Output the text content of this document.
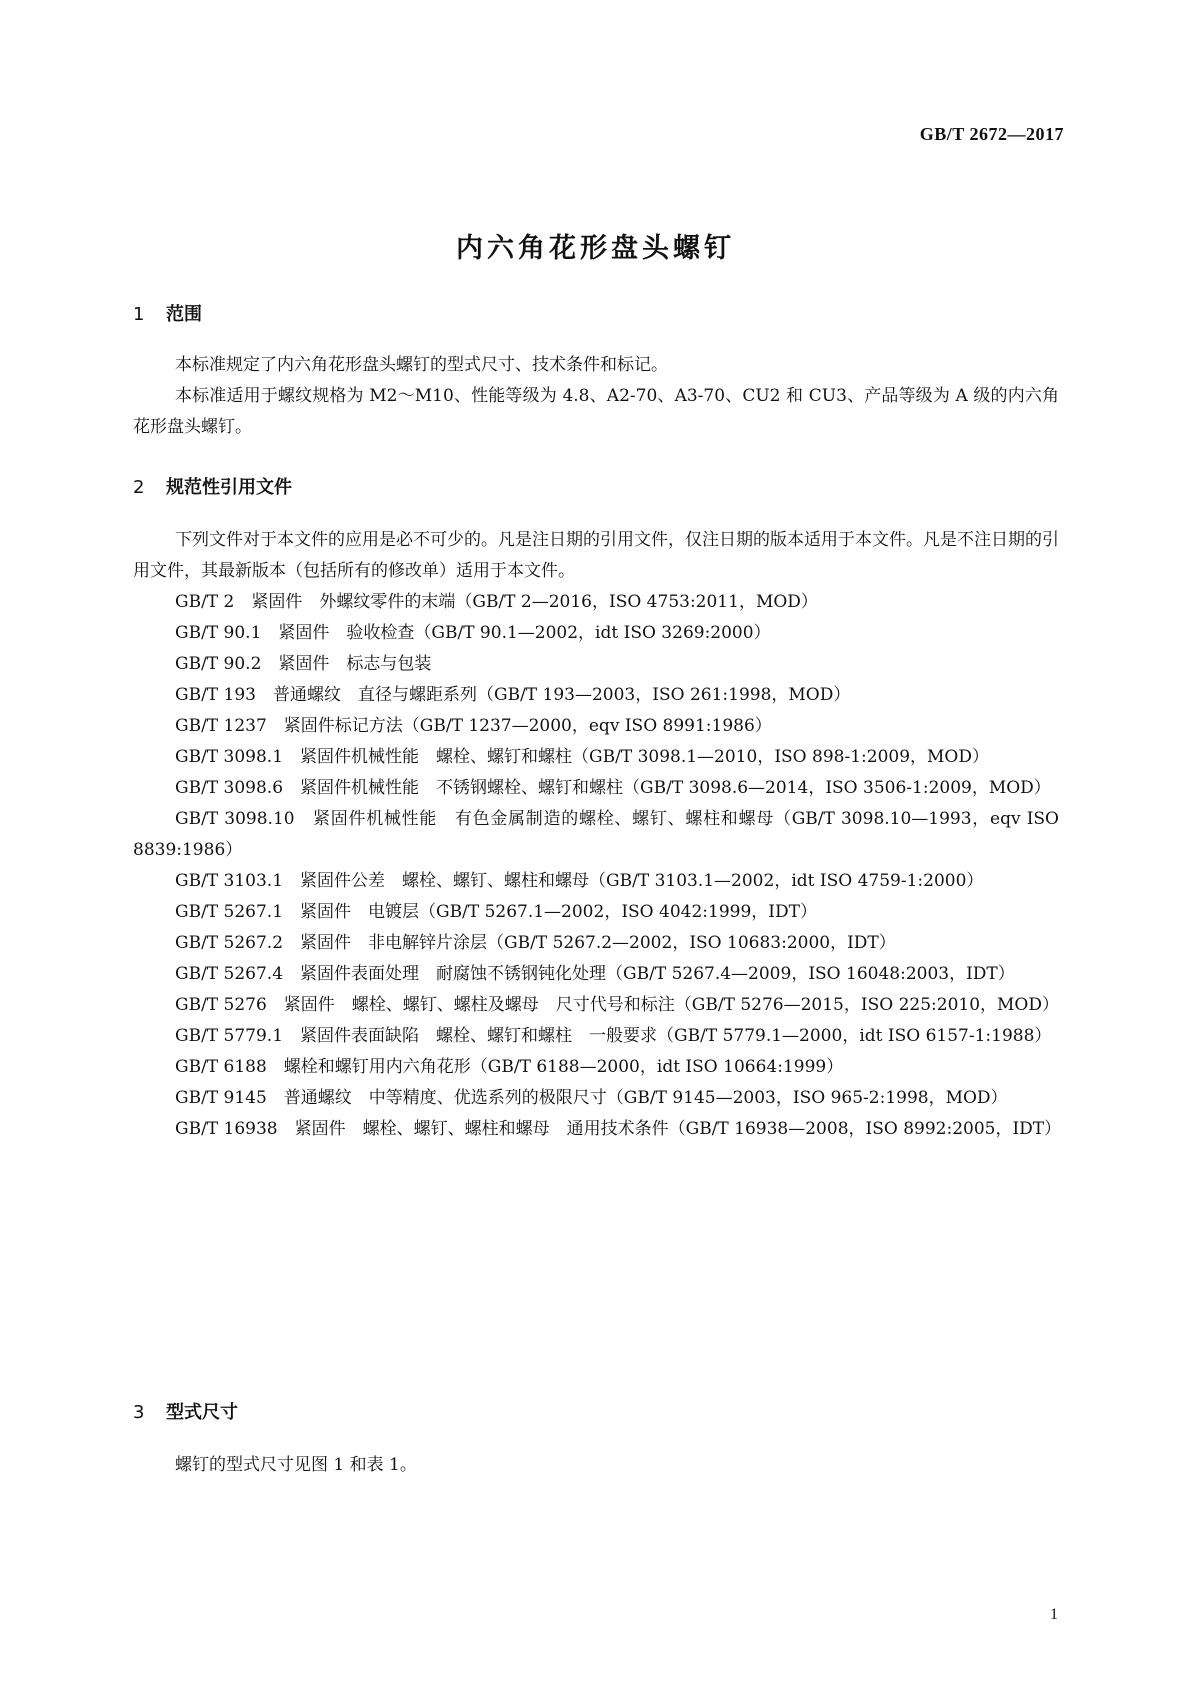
GB/T 2672—2017
内六角花形盘头螺钉
1 范围

本标准规定了内六角花形盘头螺钉的型式尺寸、技术条件和标记。

本标准适用于螺纹规格为 M2～M10、性能等级为 4.8、A2-70、A3-70、CU2 和 CU3、产品等级为 A 级的内六角花形盘头螺钉。

2 规范性引用文件

下列文件对于本文件的应用是必不可少的。凡是注日期的引用文件，仅注日期的版本适用于本文件。凡是不注日期的引用文件，其最新版本（包括所有的修改单）适用于本文件。

GB/T 2　紧固件　外螺纹零件的末端（GB/T 2—2016，ISO 4753:2011，MOD）

GB/T 90.1　紧固件　验收检查（GB/T 90.1—2002，idt ISO 3269:2000）

GB/T 90.2　紧固件　标志与包装

GB/T 193　普通螺纹　直径与螺距系列（GB/T 193—2003，ISO 261:1998，MOD）

GB/T 1237　紧固件标记方法（GB/T 1237—2000，eqv ISO 8991:1986）

GB/T 3098.1　紧固件机械性能　螺栓、螺钉和螺柱（GB/T 3098.1—2010，ISO 898-1:2009，MOD）

GB/T 3098.6　紧固件机械性能　不锈钢螺栓、螺钉和螺柱（GB/T 3098.6—2014，ISO 3506-1:2009，MOD）

GB/T 3098.10　紧固件机械性能　有色金属制造的螺栓、螺钉、螺柱和螺母（GB/T 3098.10—1993，eqv ISO 8839:1986）

GB/T 3103.1　紧固件公差　螺栓、螺钉、螺柱和螺母（GB/T 3103.1—2002，idt ISO 4759-1:2000）

GB/T 5267.1　紧固件　电镀层（GB/T 5267.1—2002，ISO 4042:1999，IDT）

GB/T 5267.2　紧固件　非电解锌片涂层（GB/T 5267.2—2002，ISO 10683:2000，IDT）

GB/T 5267.4　紧固件表面处理　耐腐蚀不锈钢钝化处理（GB/T 5267.4—2009，ISO 16048:2003，IDT）

GB/T 5276　紧固件　螺栓、螺钉、螺柱及螺母　尺寸代号和标注（GB/T 5276—2015，ISO 225:2010，MOD）

GB/T 5779.1　紧固件表面缺陷　螺栓、螺钉和螺柱　一般要求（GB/T 5779.1—2000，idt ISO 6157-1:1988）

GB/T 6188　螺栓和螺钉用内六角花形（GB/T 6188—2000，idt ISO 10664:1999）

GB/T 9145　普通螺纹　中等精度、优选系列的极限尺寸（GB/T 9145—2003，ISO 965-2:1998，MOD）

GB/T 16938　紧固件　螺栓、螺钉、螺柱和螺母　通用技术条件（GB/T 16938—2008，ISO 8992:2005，IDT）

3 型式尺寸

螺钉的型式尺寸见图 1 和表 1。

1
